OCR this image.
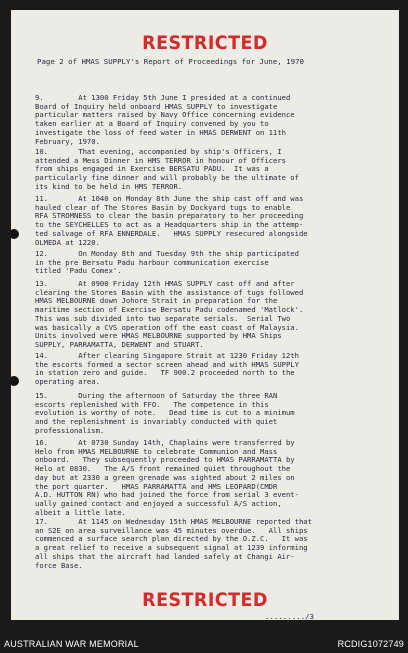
RESTRICTED
Page 2 of HMAS SUPPLY's Report of Proceedings for June, 1970
9.        At 1300 Friday 5th June I presided at a continued
Board of Inquiry held onboard HMAS SUPPLY to investigate
particular matters raised by Navy Office concerning evidence
taken earlier at a Board of Inquiry convened by you to
investigate the loss of feed water in HMAS DERWENT on 11th
February, 1970.
10.       That evening, accompanied by ship's Officers, I
attended a Mess Dinner in HMS TERROR in honour of Officers
from ships engaged in Exercise BERSATU PADU.  It was a
particularly fine dinner and will probably be the ultimate of
its kind to be held in HMS TERROR.
11.       At 1040 on Monday 8th June the ship cast off and was
hauled clear of The Stores Basin by Dockyard tugs to enable
RFA STROMNESS to clear the basin preparatory to her proceeding
to the SEYCHELLES to act as a Headquarters ship in the attemp-
ted salvage of RFA ENNERDALE.   HMAS SUPPLY resecured alongside
OLMEDA at 1220.
12.       On Monday 8th and Tuesday 9th the ship participated
in the pre Bersatu Padu harbour communication exercise
titled 'Padu Comex'.
13.       At 0900 Friday 12th HMAS SUPPLY cast off and after
clearing the Stores Basin with the assistance of tugs followed
HMAS MELBOURNE down Johore Strait in preparation for the
maritime section of Exercise Bersatu Padu codenamed 'Matlock'.
This was sub divided into two separate serials.  Serial Two
was basically a CVS operation off the east coast of Malaysia.
Units involved were HMAS MELBOURNE supported by HMA Ships
SUPPLY, PARRAMATTA, DERWENT and STUART.
14.       After clearing Singapore Strait at 1230 Friday 12th
the escorts formed a sector screen ahead and with HMAS SUPPLY
in station zero and guide.   TF 900.2 proceeded north to the
operating area.
15.       During the afternoon of Saturday the three RAN
escorts replenished with FFO.   The competence in this
evolution is worthy of note.   Dead time is cut to a minimum
and the replenishment is invariably conducted with quiet
professionalism.
16.       At 0730 Sunday 14th, Chaplains were transferred by
Helo from HMAS MELBOURNE to celebrate Communion and Mass
onboard.   They subsequently proceeded to HMAS PARRAMATTA by
Helo at 0830.   The A/S front remained quiet throughout the
day but at 2330 a green grenade was sighted about 2 miles on
the port quarter.   HMAS PARRAMATTA and HMS LEOPARD(CMDR
A.D. HUTTON RN) who had joined the force from serial 3 event-
ually gained contact and enjoyed a successful A/S action,
albeit a little late.
17.       At 1145 on Wednesday 15th HMAS MELBOURNE reported that
an S2E on area surveillance was 45 minutes overdue.   All ships
commenced a surface search plan directed by the O.Z.C.   It was
a great relief to receive a subsequent signal at 1239 informing
all ships that the aircraft had landed safely at Changi Air-
force Base.
RESTRICTED
........./3
AUSTRALIAN WAR MEMORIAL	RCDIG1072749
